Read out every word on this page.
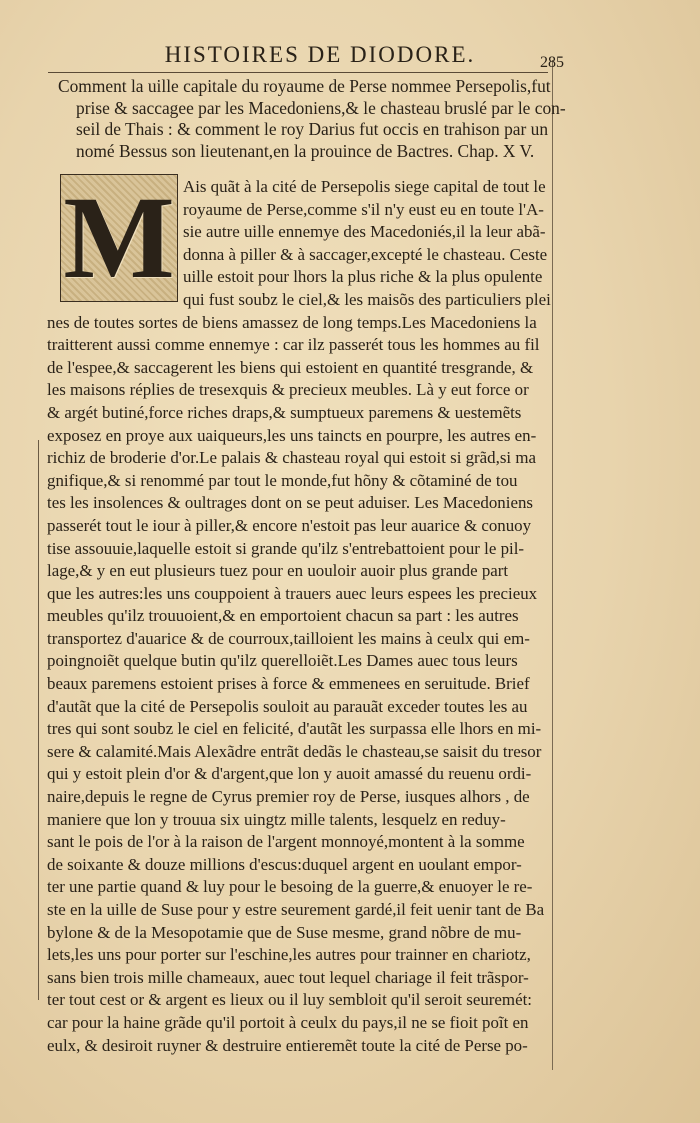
HISTOIRES DE DIODORE.	285
Comment la uille capitale du royaume de Perse nommee Persepolis,fut
prise & saccagee par les Macedoniens,& le chasteau bruslé par le con-
seil de Thais : & comment le roy Darius fut occis en trahison par un
nomé Bessus son lieutenant,en la prouince de Bactres. Chap. X V.
M Ais quãt à la cité de Persepolis siege capital de tout le
royaume de Perse,comme s'il n'y eust eu en toute l'A-
sie autre uille ennemye des Macedoniés,il la leur abã-
donna à piller & à saccager,excepté le chasteau. Ceste
uille estoit pour lhors la plus riche & la plus opulente
qui fust soubz le ciel,& les maisõs des particuliers plei
nes de toutes sortes de biens amassez de long temps.Les Macedoniens la
traitterent aussi comme ennemye : car ilz passerét tous les hommes au fil
de l'espee,& saccagerent les biens qui estoient en quantité tresgrande, &
les maisons réplies de tresexquis & precieux meubles. Là y eut force or
& argét butiné,force riches draps,& sumptueux paremens & uestemẽts
exposez en proye aux uaiqueurs,les uns taincts en pourpre, les autres en-
richiz de broderie d'or.Le palais & chasteau royal qui estoit si grãd,si ma
gnifique,& si renommé par tout le monde,fut hõny & cõtaminé de tou
tes les insolences & oultrages dont on se peut aduiser. Les Macedoniens
passerét tout le iour à piller,& encore n'estoit pas leur auarice & conuoy
tise assouuie,laquelle estoit si grande qu'ilz s'entrebattoient pour le pil-
lage,& y en eut plusieurs tuez pour en uouloir auoir plus grande part
que les autres:les uns couppoient à trauers auec leurs espees les precieux
meubles qu'ilz trouuoient,& en emportoient chacun sa part : les autres
transportez d'auarice & de courroux,tailloient les mains à ceulx qui em-
poingnoiẽt quelque butin qu'ilz querelloiẽt.Les Dames auec tous leurs
beaux paremens estoient prises à force & emmenees en seruitude. Brief
d'autãt que la cité de Persepolis souloit au parauãt exceder toutes les au
tres qui sont soubz le ciel en felicité, d'autãt les surpassa elle lhors en mi-
sere & calamité.Mais Alexãdre entrãt dedãs le chasteau,se saisit du tresor
qui y estoit plein d'or & d'argent,que lon y auoit amassé du reuenu ordi-
naire,depuis le regne de Cyrus premier roy de Perse, iusques alhors , de
maniere que lon y trouua six uingtz mille talents, lesquelz en reduy-
sant le pois de l'or à la raison de l'argent monnoyé,montent à la somme
de soixante & douze millions d'escus:duquel argent en uoulant empor-
ter une partie quand & luy pour le besoing de la guerre,& enuoyer le re-
ste en la uille de Suse pour y estre seurement gardé,il feit uenir tant de Ba
bylone & de la Mesopotamie que de Suse mesme, grand nõbre de mu-
lets,les uns pour porter sur l'eschine,les autres pour trainner en chariotz,
sans bien trois mille chameaux, auec tout lequel chariage il feit trãspor-
ter tout cest or & argent es lieux ou il luy sembloit qu'il seroit seuremét:
car pour la haine grãde qu'il portoit à ceulx du pays,il ne se fioit poĩt en
eulx, & desiroit ruyner & destruire entieremẽt toute la cité de Perse po-
